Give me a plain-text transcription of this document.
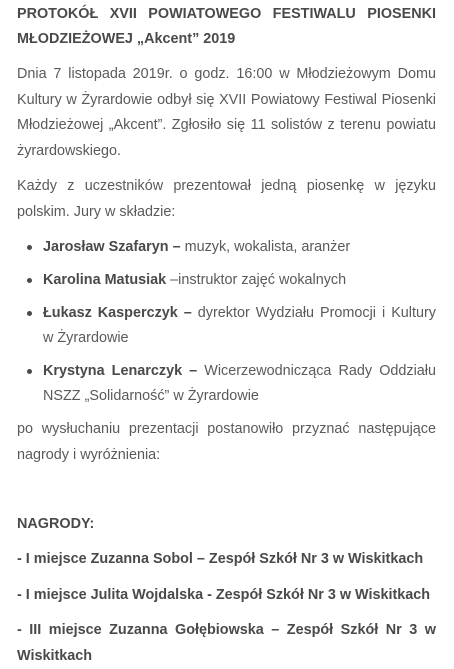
PROTOKÓŁ XVII POWIATOWEGO FESTIWALU PIOSENKI
MŁODZIEŻOWEJ „Akcent” 2019

Dnia 7 listopada 2019r. o godz. 16:00 w Młodzieżowym Domu Kultury w Żyrardowie odbył się XVII Powiatowy Festiwal Piosenki Młodzieżowej „Akcent”. Zgłosiło się 11 solistów z terenu powiatu żyrardowskiego.

Każdy z uczestników prezentował jedną piosenkę w języku polskim. Jury w składzie:

Jarosław Szafaryn – muzyk, wokalista, aranżer
Karolina Matusiak –instruktor zajęć wokalnych
Łukasz Kasperczyk – dyrektor Wydziału Promocji i Kultury w Żyrardowie
Krystyna Lenarczyk – Wicerzewodnicząca Rady Oddziału NSZZ „Solidarność” w Żyrardowie

po wysłuchaniu prezentacji postanowiło przyznać następujące nagrody i wyróżnienia:

NAGRODY:
- I miejsce Zuzanna Sobol – Zespół Szkół Nr 3 w Wiskitkach
- I miejsce Julita Wojdalska - Zespół Szkół Nr 3 w Wiskitkach
- III miejsce Zuzanna Gołębiowska – Zespół Szkół Nr 3 w Wiskitkach
